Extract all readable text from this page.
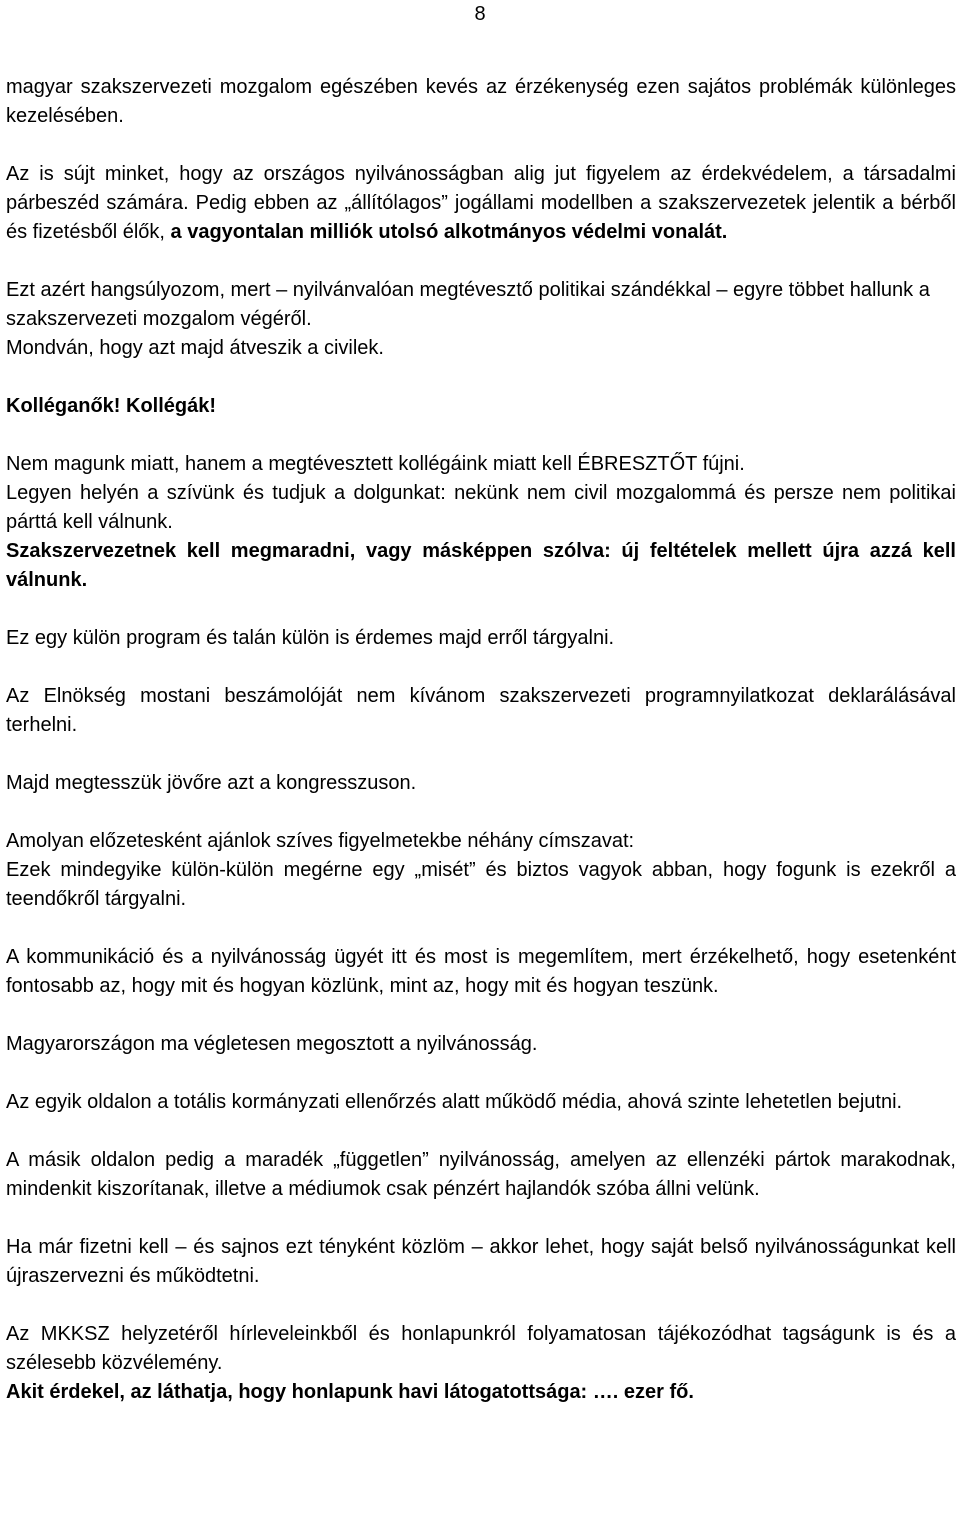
8

magyar szakszervezeti mozgalom egészében kevés az érzékenység ezen sajátos problémák különleges kezelésében.

Az is sújt minket, hogy az országos nyilvánosságban alig jut figyelem az érdekvédelem, a társadalmi párbeszéd számára. Pedig ebben az „állítólagos” jogállami modellben a szakszervezetek jelentik a bérből és fizetésből élők, a vagyontalan milliók utolsó alkotmányos védelmi vonalát.

Ezt azért hangsúlyozom, mert – nyilvánvalóan megtévesztő politikai szándékkal – egyre többet hallunk a szakszervezeti mozgalom végéről.
Mondván, hogy azt majd átveszik a civilek.

Kolléganők! Kollégák!

Nem magunk miatt, hanem a megtévesztett kollégáink miatt kell ÉBRESZTŐT fújni.
Legyen helyén a szívünk és tudjuk a dolgunkat: nekünk nem civil mozgalommá és persze nem politikai párttá kell válnunk.
Szakszervezetnek kell megmaradni, vagy másképpen szólva: új feltételek mellett újra azzá kell válnunk.

Ez egy külön program és talán külön is érdemes majd erről tárgyalni.

Az Elnökség mostani beszámolóját nem kívánom szakszervezeti programnyilatkozat deklarálásával terhelni.

Majd megtesszük jövőre azt a kongresszuson.

Amolyan előzetesként ajánlok szíves figyelmetekbe néhány címszavat:
Ezek mindegyike külön-külön megérne egy „misét” és biztos vagyok abban, hogy fogunk is ezekről a teendőkről tárgyalni.

A kommunikáció és a nyilvánosság ügyét itt és most is megemlítem, mert érzékelhető, hogy esetenként fontosabb az, hogy mit és hogyan közlünk, mint az, hogy mit és hogyan teszünk.

Magyarországon ma végletesen megosztott a nyilvánosság.

Az egyik oldalon a totális kormányzati ellenőrzés alatt működő média, ahová szinte lehetetlen bejutni.

A másik oldalon pedig a maradék „független” nyilvánosság, amelyen az ellenzéki pártok marakodnak, mindenkit kiszorítanak, illetve a médiumok csak pénzért hajlandók szóba állni velünk.

Ha már fizetni kell – és sajnos ezt tényként közlöm – akkor lehet, hogy saját belső nyilvánosságunkat kell újraszervezni és működtetni.

Az MKKSZ helyzetéről hírleveleinkből és honlapunkról folyamatosan tájékozódhat tagságunk is és a szélesebb közvélemény.
Akit érdekel, az láthatja, hogy honlapunk havi látogatottsága: …. ezer fő.
